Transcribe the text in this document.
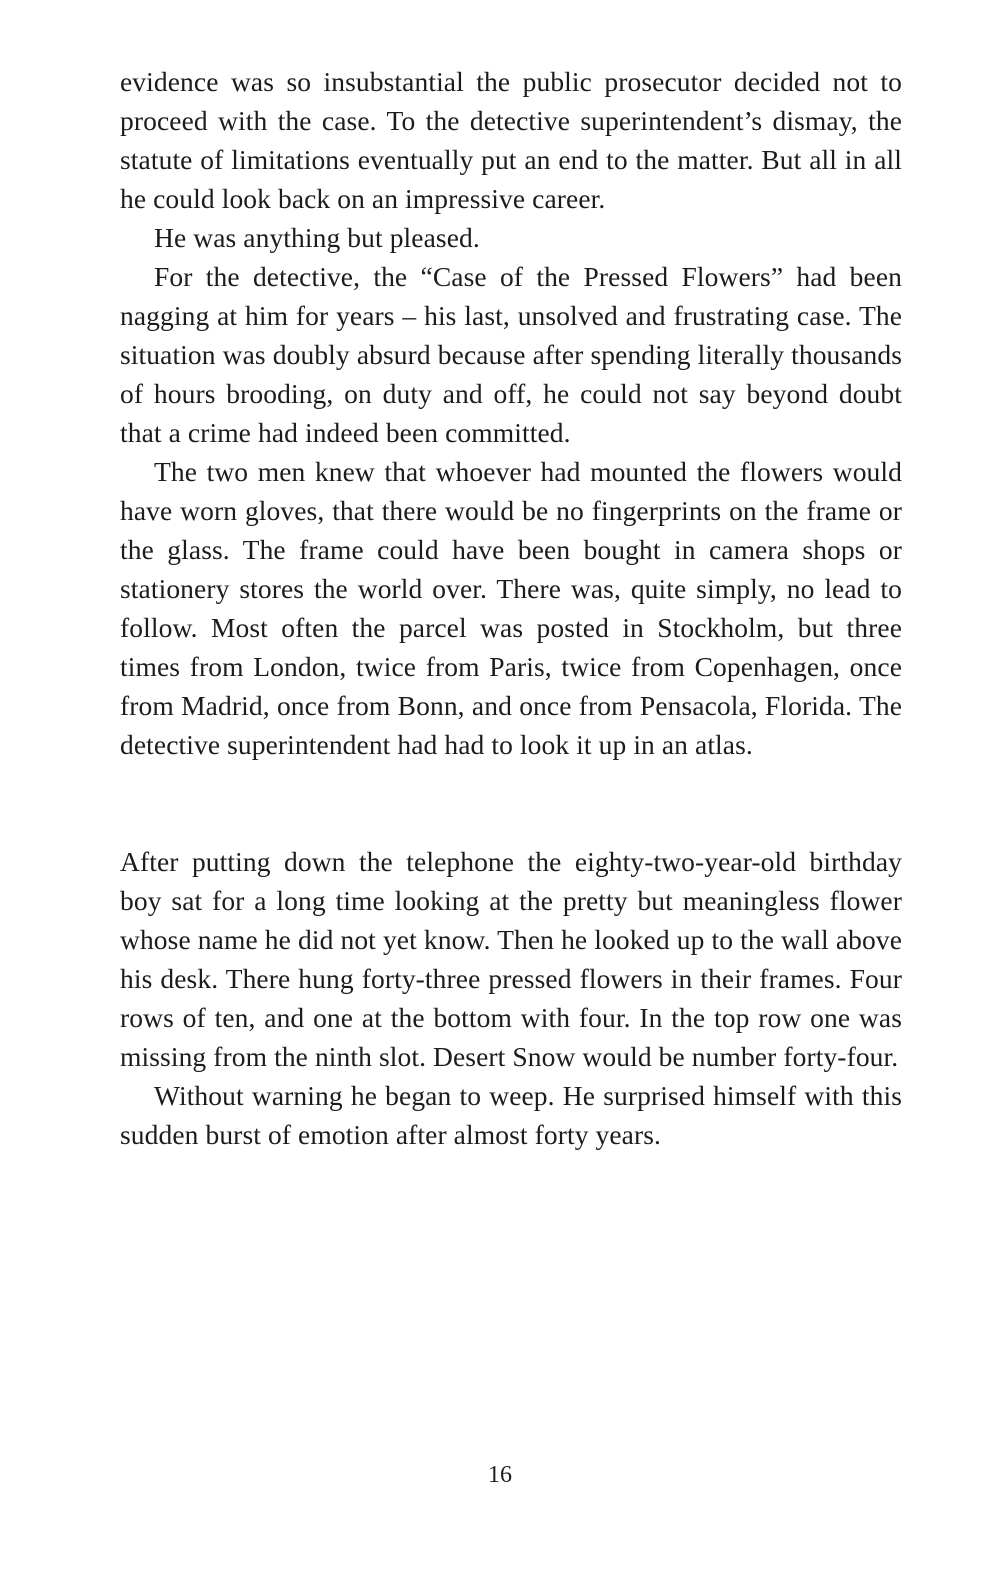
evidence was so insubstantial the public prosecutor decided not to proceed with the case. To the detective superintendent’s dismay, the statute of limitations eventually put an end to the matter. But all in all he could look back on an impressive career.

He was anything but pleased.

For the detective, the “Case of the Pressed Flowers” had been nagging at him for years – his last, unsolved and frustrating case. The situation was doubly absurd because after spending literally thousands of hours brooding, on duty and off, he could not say beyond doubt that a crime had indeed been committed.

The two men knew that whoever had mounted the flowers would have worn gloves, that there would be no fingerprints on the frame or the glass. The frame could have been bought in camera shops or stationery stores the world over. There was, quite simply, no lead to follow. Most often the parcel was posted in Stockholm, but three times from London, twice from Paris, twice from Copenhagen, once from Madrid, once from Bonn, and once from Pensacola, Florida. The detective superintendent had had to look it up in an atlas.

After putting down the telephone the eighty-two-year-old birthday boy sat for a long time looking at the pretty but meaningless flower whose name he did not yet know. Then he looked up to the wall above his desk. There hung forty-three pressed flowers in their frames. Four rows of ten, and one at the bottom with four. In the top row one was missing from the ninth slot. Desert Snow would be number forty-four.

Without warning he began to weep. He surprised himself with this sudden burst of emotion after almost forty years.

16
